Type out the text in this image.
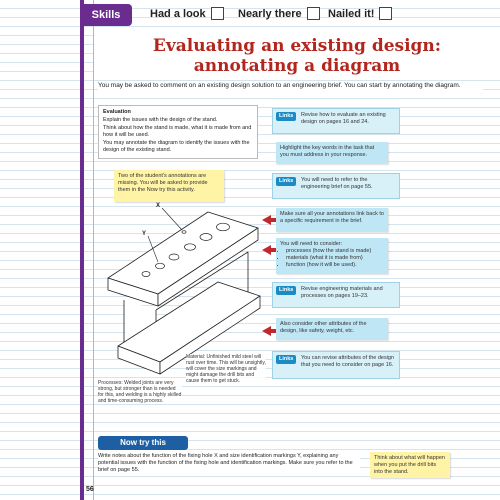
Skills	Had a look	Nearly there Nailed it!
Evaluating an existing design:
annotating a diagram
You may be asked to comment on an existing design solution to an engineering brief. You can start by annotating the diagram.
Evaluation

Explain the issues with the design of the stand.

Think about how the stand is made, what it is made from and how it will be used.

You may annotate the diagram to identify the issues with the design of the existing stand.

Two of the student's annotations are missing. You will be asked to provide them in the Now try this activity.
X
Y
Material: Unfinished mild steel will rust over time. This will be unsightly, will cover the size markings and might damage the drill bits and cause them to get stuck.
Processes: Welded joints are very strong, but stronger than is needed for this, and welding is a highly skilled and time-consuming process.
Links	Revise how to evaluate an existing design on pages 16 and 24.
Highlight the key words in the task that you must address in your response.
Links	You will need to refer to the engineering brief on page 55.
Make sure all your annotations link back to a specific requirement in the brief.
You will need to consider:
• processes (how the stand is made)
• materials (what it is made from)
• function (how it will be used).
Links	Revise engineering materials and processes on pages 19–23.
Also consider other attributes of the design, like safety, weight, etc.
Links	You can revise attributes of the design that you need to consider on page 16.
Now try this
Write notes about the function of the fixing hole X and size identification markings Y, explaining any potential issues with the function of the fixing hole and identification markings. Make sure you refer to the brief on page 55.
Think about what will happen when you put the drill bits into the stand.
56
